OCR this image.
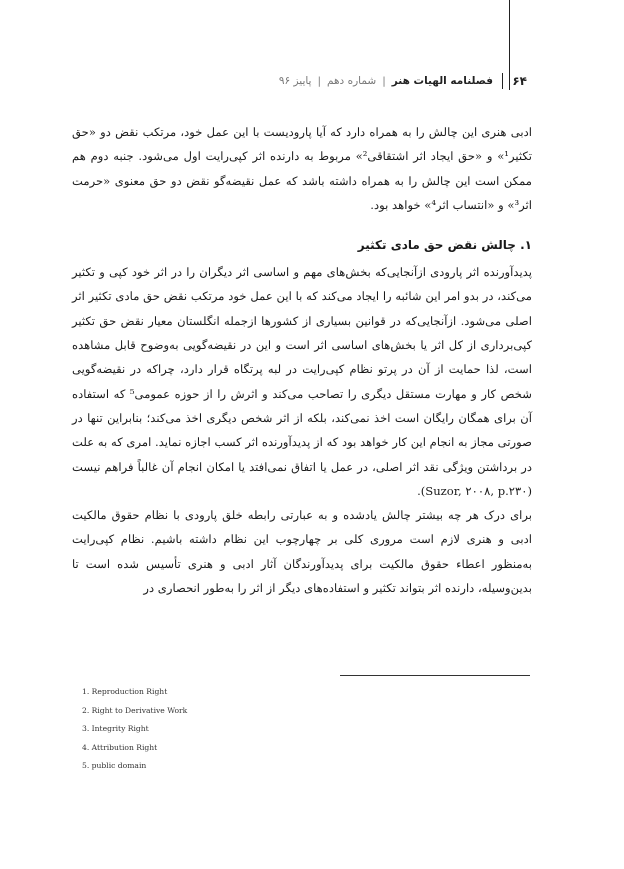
۶۴
فصلنامه الهیات هنر
|
شماره دهم
|
پاییز ۹۶

ادبی هنری این چالش را به همراه دارد که آیا پارودیست با این عمل خود، مرتکب نقض دو «حق تکثیر¹» و «حق ایجاد اثر اشتقاقی²» مربوط به دارنده اثر کپی‌رایت اول می‌شود. جنبه دوم هم ممکن است این چالش را به همراه داشته باشد که عمل نقیضه‌گو نقض دو حق معنوی «حرمت اثر³» و «انتساب اثر⁴» خواهد بود.

۱. چالش نقض حق مادی تکثیر

پدیدآورنده اثر پارودی ازآنجایی‌که بخش‌های مهم و اساسی اثر دیگران را در اثر خود کپی و تکثیر می‌کند، در بدو امر این شائبه را ایجاد می‌کند که با این عمل خود مرتکب نقض حق مادی تکثیر اثر اصلی می‌شود. ازآنجایی‌که در قوانین بسیاری از کشورها ازجمله انگلستان معیار نقض حق تکثیر کپی‌برداری از کل اثر یا بخش‌های اساسی اثر است و این در نقیضه‌گویی به‌وضوح قابل مشاهده است، لذا حمایت از آن در پرتو نظام کپی‌رایت در لبه پرتگاه قرار دارد، چراکه در نقیضه‌گویی شخص کار و مهارت مستقل دیگری را تصاحب می‌کند و اثرش را از حوزه عمومی⁵ که استفاده آن برای همگان رایگان است اخذ نمی‌کند، بلکه از اثر شخص دیگری اخذ می‌کند؛ بنابراین تنها در صورتی مجاز به انجام این کار خواهد بود که از پدیدآورنده اثر کسب اجازه نماید. امری که به علت در برداشتن ویژگی نقد اثر اصلی، در عمل یا اتفاق نمی‌افتد یا امکان انجام آن غالباً فراهم نیست (Suzor, ۲۰۰۸, p.۲۳۰).

برای درک هر چه بیشتر چالش یادشده و به عبارتی رابطه خلق پارودی با نظام حقوق مالکیت ادبی و هنری لازم است مروری کلی بر چهارچوب این نظام داشته باشیم. نظام کپی‌رایت به‌منظور اعطاء حقوق مالکیت برای پدیدآورندگان آثار ادبی و هنری تأسیس شده است تا بدین‌وسیله، دارنده اثر بتواند تکثیر و استفاده‌های دیگر از اثر را به‌طور انحصاری در

1. Reproduction Right
2. Right to Derivative Work
3. Integrity Right
4. Attribution Right
5. public domain
